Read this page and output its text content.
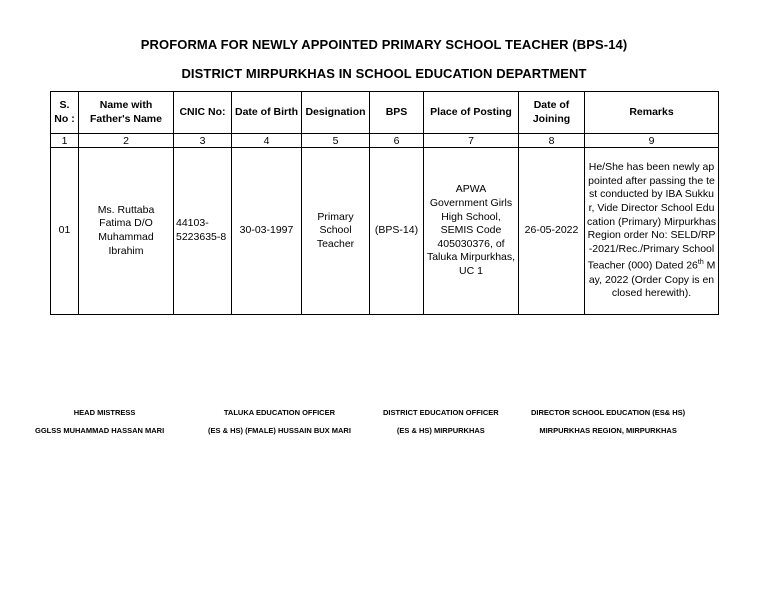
PROFORMA FOR NEWLY APPOINTED PRIMARY SCHOOL TEACHER (BPS-14)
DISTRICT MIRPURKHAS IN SCHOOL EDUCATION DEPARTMENT
S. No :	Name with Father's Name	CNIC No:	Date of Birth	Designation	BPS	Place of Posting	Date of Joining	Remarks
1	2	3	4	5	6	7	8	9
01	Ms. Ruttaba Fatima D/O Muhammad Ibrahim	44103-5223635-8	30-03-1997	Primary School Teacher	(BPS-14)	APWA Government Girls High School, SEMIS Code 405030376, of Taluka Mirpurkhas, UC 1	26-05-2022	He/She has been newly appointed after passing the test conducted by IBA Sukkur, Vide Director School Education (Primary) Mirpurkhas Region order No: SELD/RP-2021/Rec./Primary School Teacher (000) Dated 26th May, 2022 (Order Copy is enclosed herewith).
HEAD MISTRESS
GGLSS MUHAMMAD HASSAN MARI
TALUKA EDUCATION OFFICER
(ES & HS) (FMALE) HUSSAIN BUX MARI
DISTRICT EDUCATION OFFICER
(ES & HS) MIRPURKHAS
DIRECTOR SCHOOL EDUCATION (ES& HS)
MIRPURKHAS REGION, MIRPURKHAS
